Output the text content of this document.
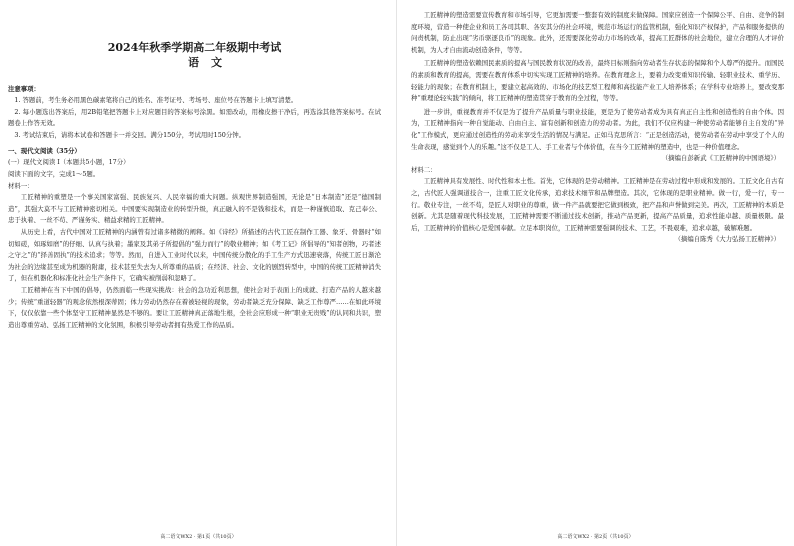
2024年秋季学期高二年级期中考试
语文
注意事项：

1. 答题前，考生务必用黑色碳素笔将自己的姓名、准考证号、考场号、座位号在答题卡上填写清楚。

2. 每小题选出答案后，用2B铅笔把答题卡上对应题目的答案标号涂黑。如需改动，用橡皮擦干净后，再选涂其他答案标号。在试题卷上作答无效。

3. 考试结束后，请将本试卷和答题卡一并交回。满分150分，考试用时150分钟。

一、现代文阅读（35分）

(一）现代文阅读 I（本题共5小题，17分）

阅读下面的文字，完成1～5题。

材料一：

工匠精神的重塑是一个事关国家富强、民族复兴、人民幸福的重大问题。纵观世界制造强国，无论是“日本制造”还是“德国制造”，其强大莫不与工匠精神密切相关。中国要实现制造业的转型升级，真正融入的不是钱和技术，而是一种谨慎追取、克己奉公、忠于执着、一丝不苟、严谨务实、精益求精的工匠精神。

从历史上看，古代中国对工匠精神的内涵曾有过诸多精微的阐释。如《诗经》所描述的古代工匠在制作工器、象牙、骨器时“如切如磋，如琢如磨”的仔细、认真与执着；墨家及其弟子所提倡的“强力而行”的敬业精神；如《考工记》所倡导的“知者创物，巧者述之守之”的“择善固执”的技术追求；等等。然而，自进入工业时代以来，中国传统分散化的手工生产方式迅速衰落，传统工匠日渐沦为社会的边缘甚至成为机器的附庸，技术甚至失去为人所尊重的品质；在经济、社会、文化的剧烈转型中，中国的传统工匠精神消失了，但在机器化和标准化社会生产条件下，它确实被削弱和忽略了。

工匠精神在当下中国的倡导，仍然面临一些现实挑战：社会的急功近利思想，使社会对于表面上的成就、打造产品的人越来越少；传统“重道轻器”的观念依然根深蒂固；体力劳动仍然存在着被轻视的现象，劳动者缺乏充分保障、缺乏工作尊严……在如此环境下，仅仅依靠一些个体坚守工匠精神显然是不够的。要让工匠精神真正落地生根，全社会应形成一种“职业无贵贱”的认同和共识，塑造出尊重劳动、弘扬工匠精神的文化氛围，积极引导劳动者拥有热爱工作的品质。

高二语文WX2 · 第1页（共10页）

工匠精神的塑造需要宣传教育和市场引导，它更加需要一整套有效的制度来做保障。国家应创造一个保障公平、自由、竞争的制度环境，营造一种使企业和员工各司其职、各安其分的社会环境，规范市场运行的监管机制，强化知识产权保护，产品和服务提供的问责机制，防止出现“劣币驱逐良币”的现象。此外，还需要深化劳动力市场的改革，提高工匠群体的社会地位，建立合理的人才评价机制，为人才自由流动创造条件，等等。

工匠精神的塑造依赖国民素质的提高与国民教育状况的改善，最终目标则指向劳动者生存状态的保障和个人尊严的提升。而国民的素质和教育的提高，需要在教育体系中切实实现工匠精神的培养。在教育理念上，要着力改变重知识传输、轻职业技术、重学历、轻能力的现象；在教育机制上，要建立起高效的、市场化的技艺型工程师和高技能产业工人培养体系；在学科专业培养上，要改变那种“重理论轻实践”的倾向，将工匠精神的塑造贯穿于教育的全过程，等等。

进一步讲，重视教育并不仅是为了提升产品质量与职业技能，更是为了使劳动者成为具有真正自主性和创造性的自由个体。因为，工匠精神指向一种自觉能动、自由自主、富有创新和创造力的劳动者。为此，我们不仅应构建一种使劳动者能够自主自发的“异化”工作模式，更应通过创造性的劳动来享受生活的情况与满足。正如马克思所言：“正是创造活动，使劳动者在劳动中享受了个人的生命表现，感觉到个人的乐趣。”这不仅是工人、手工业者与个体价值，在当今工匠精神的塑造中，也是一种价值理念。

（摘编自彭新武《工匠精神的中国语境》）

材料二：

工匠精神具有发展性、时代性和本土性。首先，它体现的是劳动精神。工匠精神是在劳动过程中形成和发展的。工匠文化自古有之，古代匠人强调道技合一，注重工匠文化传承，追求技术细节和品牌塑造。其次，它体现的是职业精神。做一行，爱一行，专一行。敬业专注，一丝不苟，是匠人对职业的尊重，做一件产品就要把它做到极致，把产品和声誉做到完美。再次，工匠精神的本质是创新。尤其是随着现代科技发展，工匠精神需要不断通过技术创新，推动产品更新，提高产品质量，追求性能卓越、质量极限。最后，工匠精神的价值核心是爱国奉献。立足本职岗位，工匠精神需要强调的技术、工艺，不畏艰难，追求卓越，破解难题。

（摘编自陈秀《大力弘扬工匠精神》）

高二语文WX2 · 第2页（共10页）
